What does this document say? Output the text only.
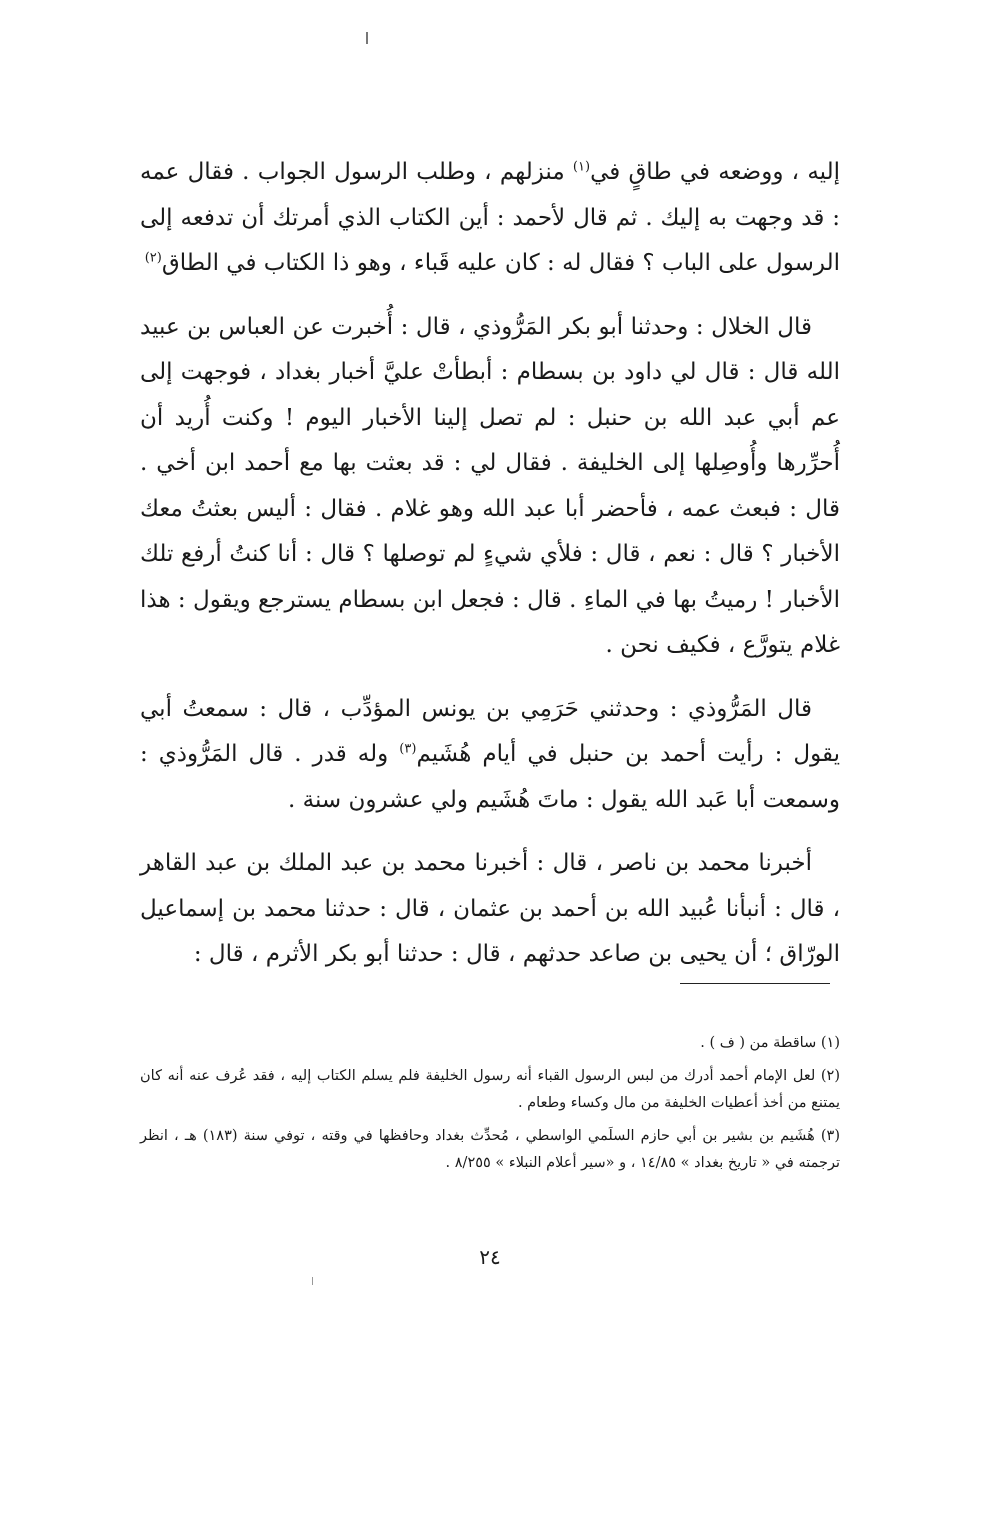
إليه ، ووضعه في طاقٍ في$^{(١)}$ منزلهم ، وطلب الرسول الجواب . فقال عمه : قد وجهت به إليك . ثم قال لأحمد : أين الكتاب الذي أمرتك أن تدفعه إلى الرسول على الباب ؟ فقال له : كان عليه قَباء ، وهو ذا الكتاب في الطاق$^{(٢)}$

قال الخلال : وحدثنا أبو بكر المَرُّوذي ، قال : أُخبرت عن العباس بن عبيد الله قال : قال لي داود بن بسطام : أبطأتْ عليَّ أخبار بغداد ، فوجهت إلى عم أبي عبد الله بن حنبل : لم تصل إلينا الأخبار اليوم ! وكنت أُريد أن أُحرِّرها وأُوصِلها إلى الخليفة . فقال لي : قد بعثت بها مع أحمد ابن أخي . قال : فبعث عمه ، فأحضر أبا عبد الله وهو غلام . فقال : أليس بعثتُ معك الأخبار ؟ قال : نعم ، قال : فلأي شيءٍ لم توصلها ؟ قال : أنا كنتُ أرفع تلك الأخبار ! رميتُ بها في الماءِ . قال : فجعل ابن بسطام يسترجع ويقول : هذا غلام يتورَّع ، فكيف نحن .

قال المَرُّوذي : وحدثني حَرَمِي بن يونس المؤدِّب ، قال : سمعتُ أبي يقول : رأيت أحمد بن حنبل في أيام هُشَيم$^{(٣)}$ وله قدر . قال المَرُّوذي : وسمعت أبا عَبد الله يقول : ماتَ هُشَيم ولي عشرون سنة .

أخبرنا محمد بن ناصر ، قال : أخبرنا محمد بن عبد الملك بن عبد القاهر ، قال : أنبأنا عُبيد الله بن أحمد بن عثمان ، قال : حدثنا محمد بن إسماعيل الورّاق ؛ أن يحيى بن صاعد حدثهم ، قال : حدثنا أبو بكر الأثرم ، قال :

(١) ساقطة من ( ف ) .

(٢) لعل الإمام أحمد أدرك من لبس الرسول القباء أنه رسول الخليفة فلم يسلم الكتاب إليه ، فقد عُرف عنه أنه كان يمتنع من أخذ أعطيات الخليفة من مال وكساء وطعام .

(٣) هُشَيم بن بشير بن أبي حازم السلَمي الواسطي ، مُحدِّث بغداد وحافظها في وقته ، توفي سنة (١٨٣) هـ ، انظر ترجمته في « تاريخ بغداد » ١٤/٨٥ ، و «سير أعلام النبلاء » ٨/٢٥٥ .

٢٤
